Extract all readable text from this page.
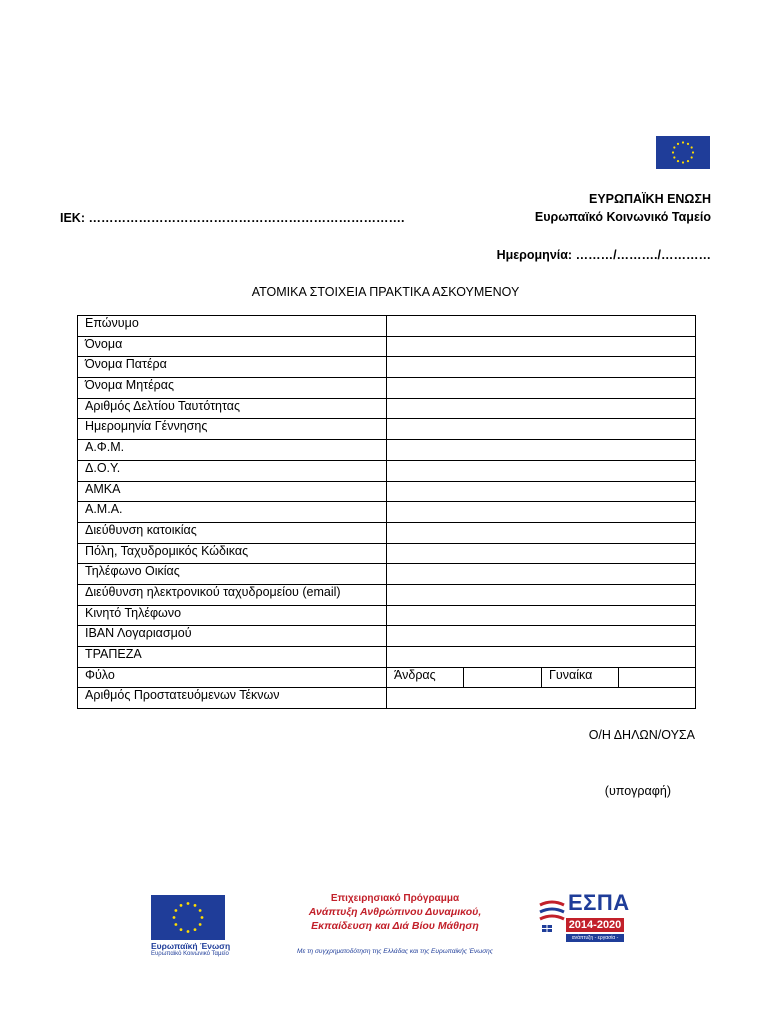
ΕΥΡΩΠΑΪΚΗ ΕΝΩΣΗ
Ευρωπαϊκό Κοινωνικό Ταμείο
ΙΕΚ: ………………………………………………………………….
Ημερομηνία: ………/………./…………
ΑΤΟΜΙΚΑ ΣΤΟΙΧΕΙΑ ΠΡΑΚΤΙΚΑ ΑΣΚΟΥΜΕΝΟΥ
Επώνυμο				
Όνομα				
Όνομα Πατέρα				
Όνομα Μητέρας				
Αριθμός Δελτίου Ταυτότητας				
Ημερομηνία Γέννησης				
Α.Φ.Μ.				
Δ.Ο.Υ.				
ΑΜΚΑ				
Α.Μ.Α.				
Διεύθυνση κατοικίας				
Πόλη, Ταχυδρομικός Κώδικας				
Τηλέφωνο Οικίας				
Διεύθυνση ηλεκτρονικού ταχυδρομείου (email)				
Κινητό Τηλέφωνο				
ΙΒΑΝ Λογαριασμού				
ΤΡΑΠΕΖΑ				
Φύλο	Άνδρας		Γυναίκα	
Αριθμός Προστατευόμενων Τέκνων				
Ο/Η ΔΗΛΩΝ/ΟΥΣΑ
(υπογραφή)
Ευρωπαϊκή Ένωση
Ευρωπαϊκό Κοινωνικό Ταμείο
Επιχειρησιακό Πρόγραμμα
Ανάπτυξη Ανθρώπινου Δυναμικού,
Εκπαίδευση και Διά Βίου Μάθηση
Με τη συγχρηματοδότηση της Ελλάδας και της Ευρωπαϊκής Ένωσης
ΕΣΠΑ
2014-2020
ανάπτυξη - εργασία - αλληλεγγύη
